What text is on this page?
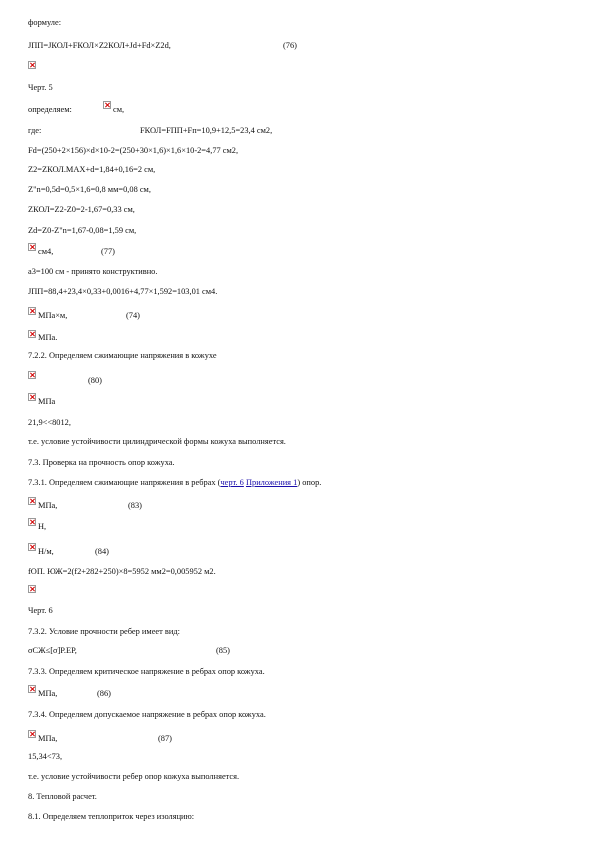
формуле:
JПП=JКОЛ+FКОЛ×Z2КОЛ+Jd+Fd×Z2d,	(76)
Черт. 5
определяем:	см,
где:	FКОЛ=FПП+Fп=10,9+12,5=23,4 см2,
Fd=(250+2×156)×d×10-2=(250+30×1,6)×1,6×10-2=4,77 см2,
Z2=ZКОЛ.MAX+d=1,84+0,16=2 см,
Z"n=0,5d=0,5×1,6=0,8 мм=0,08 см,
ZКОЛ=Z2-Z0=2-1,67=0,33 см,
Zd=Z0-Z"n=1,67-0,08=1,59 см,
см4,	(77)
a3=100 см - принято конструктивно.
JПП=88,4+23,4×0,33+0,0016+4,77×1,592=103,01 см4.
МПа×м,	(74)
МПа.
7.2.2. Определяем сжимающие напряжения в кожухе
(80)
МПа
21,9<<8012,
т.е. условие устойчивости цилиндрической формы кожуха выполняется.
7.3. Проверка на прочность опор кожуха.
7.3.1. Определяем сжимающие напряжения в ребрах (черт. 6 Приложения 1) опор.
МПа,	(83)
Н,
Н/м,	(84)
fОП. ЮЖ=2(f2+282+250)×8=5952 мм2=0,005952 м2.
Черт. 6
7.3.2. Условие прочности ребер имеет вид:
σСЖ≤[σ]Р.ЕР,	(85)
7.3.3. Определяем критическое напряжение в ребрах опор кожуха.
МПа,	(86)
7.3.4. Определяем допускаемое напряжение в ребрах опор кожуха.
МПа,	(87)
15,34<73,
т.е. условие устойчивости ребер опор кожуха выполняется.
8. Тепловой расчет.
8.1. Определяем теплоприток через изоляцию:
